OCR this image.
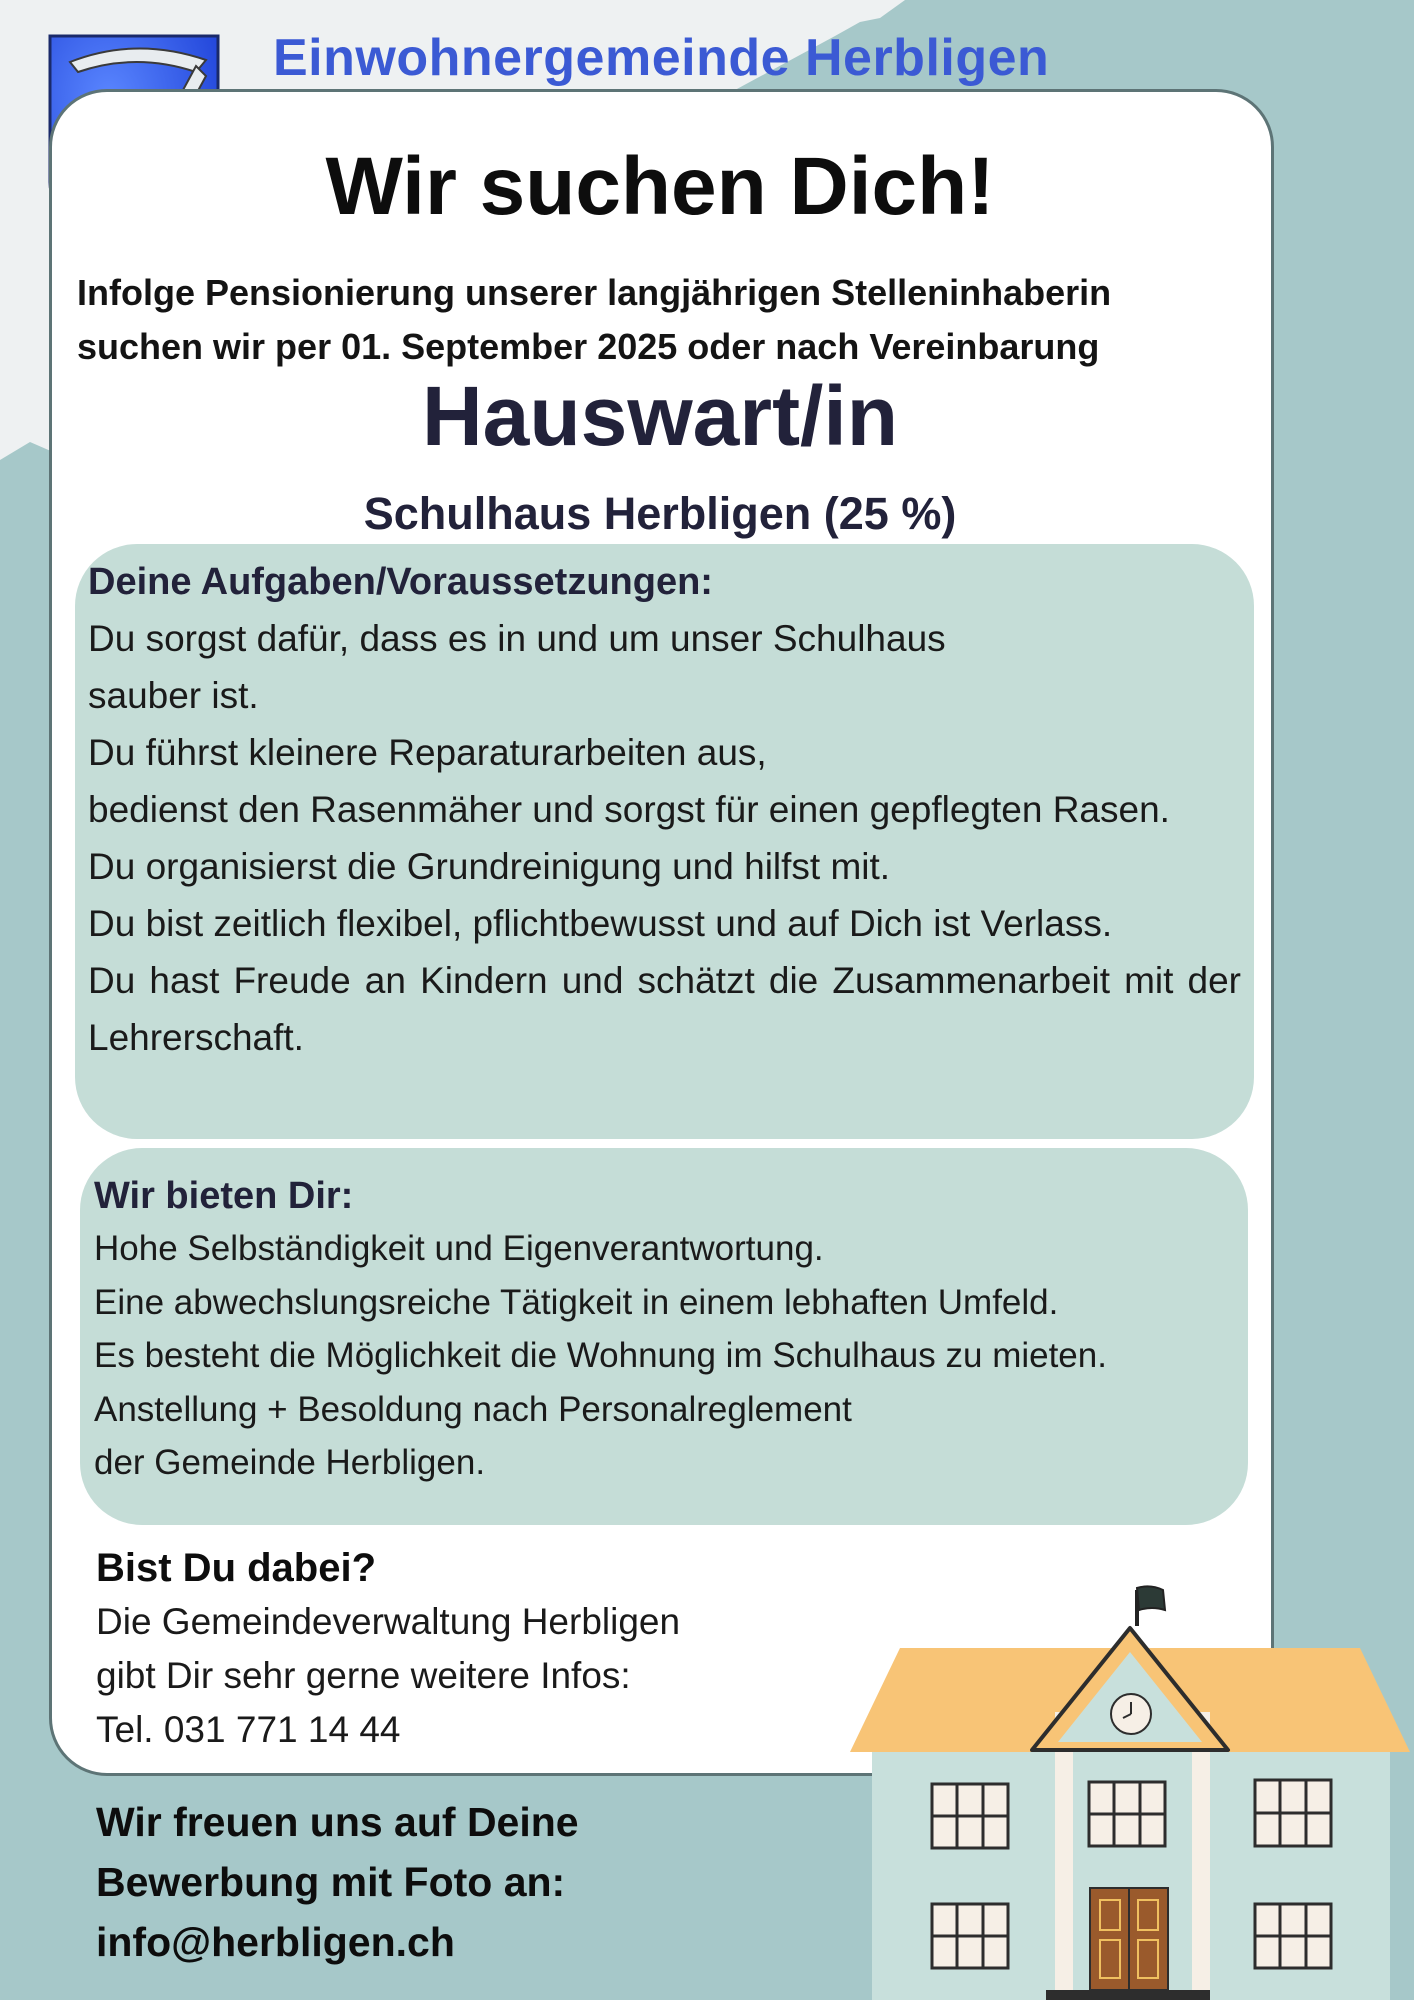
Einwohnergemeinde Herbligen
Wir suchen Dich!
Infolge Pensionierung unserer langjährigen Stelleninhaberin
suchen wir per 01. September 2025 oder nach Vereinbarung
Hauswart/in
Schulhaus Herbligen (25 %)
Deine Aufgaben/Voraussetzungen:
Du sorgst dafür, dass es in und um unser Schulhaus sauber ist.
Du führst kleinere Reparaturarbeiten aus,
bedienst den Rasenmäher und sorgst für einen gepflegten Rasen.
Du organisierst die Grundreinigung und hilfst mit.
Du bist zeitlich flexibel, pflichtbewusst und auf Dich ist Verlass.
Du hast Freude an Kindern und schätzt die Zusammenarbeit mit der Lehrerschaft.
Wir bieten Dir:
Hohe Selbständigkeit und Eigenverantwortung.
Eine abwechslungsreiche Tätigkeit in einem lebhaften Umfeld.
Es besteht die Möglichkeit die Wohnung im Schulhaus zu mieten.
Anstellung + Besoldung nach Personalreglement
der Gemeinde Herbligen.
Bist Du dabei?
Die Gemeindeverwaltung Herbligen
gibt Dir sehr gerne weitere Infos:
Tel. 031 771 14 44
Wir freuen uns auf Deine
Bewerbung mit Foto an:
info@herbligen.ch
